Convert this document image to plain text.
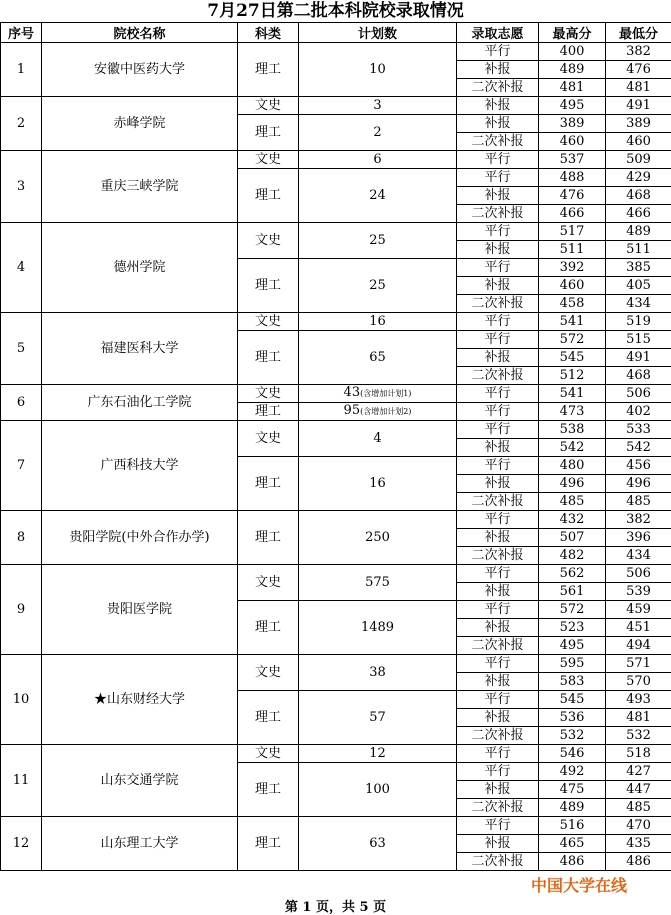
7月27日第二批本科院校录取情况
序号	院校名称	科类	计划数	录取志愿	最高分	最低分
1	安徽中医药大学	理工	10	平行	400	382
				补报	489	476
				二次补报	481	481
2	赤峰学院	文史	3	补报	495	491
		理工	2	补报	389	389
				二次补报	460	460
3	重庆三峡学院	文史	6	平行	537	509
		理工	24	平行	488	429
				补报	476	468
				二次补报	466	466
4	德州学院	文史	25	平行	517	489
				补报	511	511
		理工	25	平行	392	385
				补报	460	405
				二次补报	458	434
5	福建医科大学	文史	16	平行	541	519
		理工	65	平行	572	515
				补报	545	491
				二次补报	512	468
6	广东石油化工学院	文史	43(含增加计划1)	平行	541	506
		理工	95(含增加计划2)	平行	473	402
7	广西科技大学	文史	4	平行	538	533
				补报	542	542
		理工	16	平行	480	456
				补报	496	496
				二次补报	485	485
8	贵阳学院(中外合作办学)	理工	250	平行	432	382
				补报	507	396
				二次补报	482	434
9	贵阳医学院	文史	575	平行	562	506
				补报	561	539
		理工	1489	平行	572	459
				补报	523	451
				二次补报	495	494
10	★山东财经大学	文史	38	平行	595	571
				补报	583	570
		理工	57	平行	545	493
				补报	536	481
				二次补报	532	532
11	山东交通学院	文史	12	平行	546	518
		理工	100	平行	492	427
				补报	475	447
				二次补报	489	485
12	山东理工大学	理工	63	平行	516	470
				补报	465	435
				二次补报	486	486
中国大学在线
第 1 页，共 5 页
